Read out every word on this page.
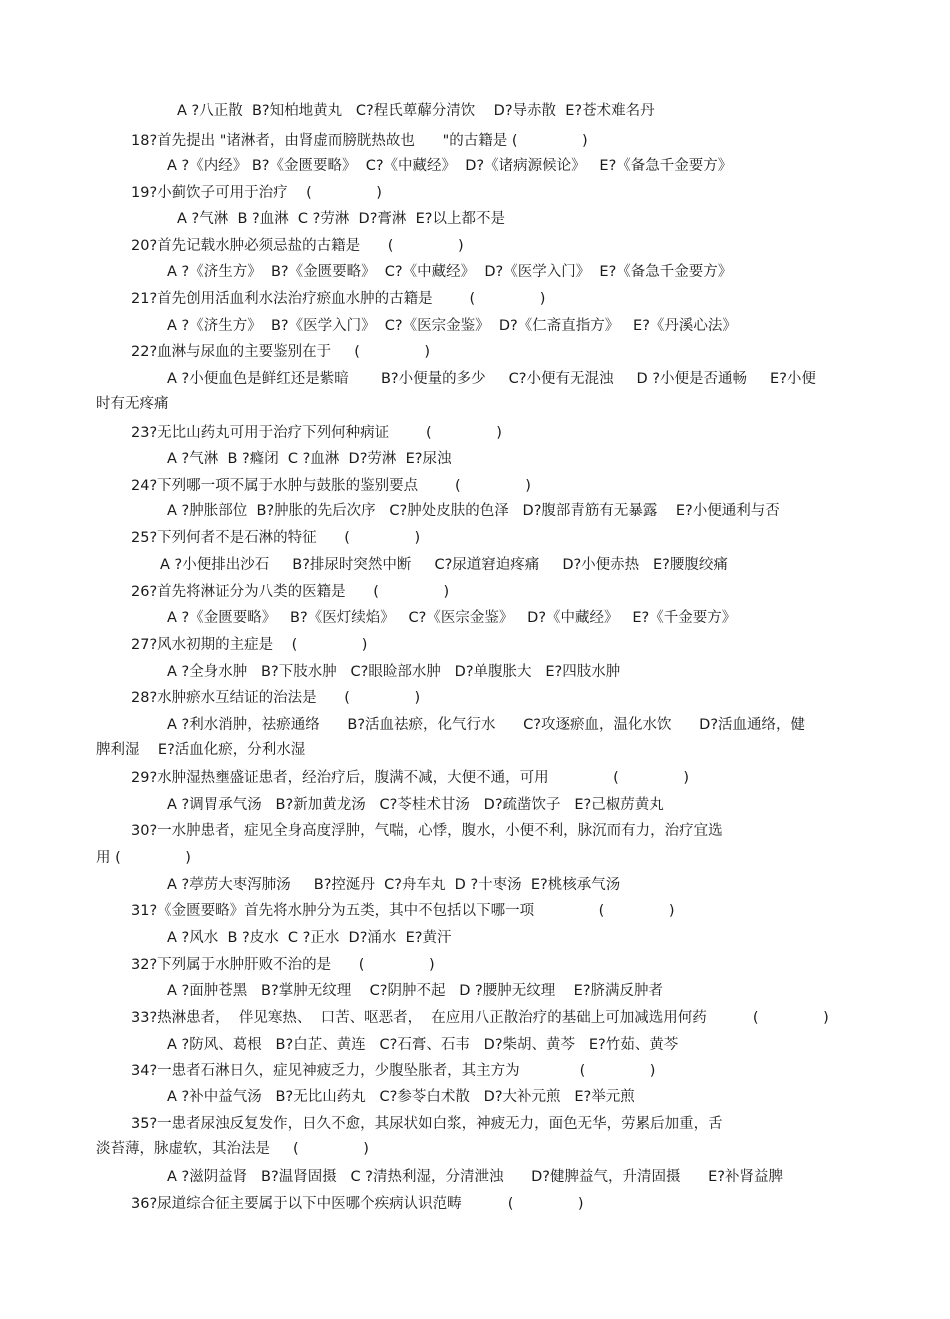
A ?八正散  B?知柏地黄丸   C?程氏萆薢分清饮    D?导赤散  E?苍术难名丹
18?首先提出 "诸淋者，由肾虚而膀胱热故也      "的古籍是 (              )
A ?《内经》 B?《金匮要略》  C?《中藏经》  D?《诸病源候论》   E?《备急千金要方》
19?小蓟饮子可用于治疗    (              )
A ?气淋  B ?血淋  C ?劳淋  D?膏淋  E?以上都不是
20?首先记载水肿必须忌盐的古籍是      (              )
A ?《济生方》  B?《金匮要略》  C?《中藏经》  D?《医学入门》  E?《备急千金要方》
21?首先创用活血利水法治疗瘀血水肿的古籍是        (              )
A ?《济生方》  B?《医学入门》  C?《医宗金鉴》  D?《仁斋直指方》   E?《丹溪心法》
22?血淋与尿血的主要鉴别在于     (              )
A ?小便血色是鲜红还是紫暗       B?小便量的多少     C?小便有无混浊     D ?小便是否通畅     E?小便
时有无疼痛
23?无比山药丸可用于治疗下列何种病证        (              )
A ?气淋  B ?癃闭  C ?血淋  D?劳淋  E?尿浊
24?下列哪一项不属于水肿与鼓胀的鉴别要点        (              )
A ?肿胀部位  B?肿胀的先后次序   C?肿处皮肤的色泽   D?腹部青筋有无暴露    E?小便通利与否
25?下列何者不是石淋的特征      (              )
A ?小便排出沙石     B?排尿时突然中断     C?尿道窘迫疼痛     D?小便赤热   E?腰腹绞痛
26?首先将淋证分为八类的医籍是      (              )
A ?《金匮要略》   B?《医灯续焰》   C?《医宗金鉴》   D?《中藏经》   E?《千金要方》
27?风水初期的主症是    (              )
A ?全身水肿   B?下肢水肿   C?眼睑部水肿   D?单腹胀大   E?四肢水肿
28?水肿瘀水互结证的治法是      (              )
A ?利水消肿，祛瘀通络      B?活血祛瘀，化气行水      C?攻逐瘀血，温化水饮      D?活血通络，健
脾利湿    E?活血化瘀，分利水湿
29?水肿湿热壅盛证患者，经治疗后，腹满不减，大便不通，可用              (              )
A ?调胃承气汤   B?新加黄龙汤   C?苓桂术甘汤   D?疏凿饮子   E?己椒苈黄丸
30?一水肿患者，症见全身高度浮肿，气喘，心悸，腹水，小便不利，脉沉而有力，治疗宜选
用 (              )
A ?葶苈大枣泻肺汤     B?控涎丹  C?舟车丸  D ?十枣汤  E?桃核承气汤
31?《金匮要略》首先将水肿分为五类，其中不包括以下哪一项              (              )
A ?风水  B ?皮水  C ?正水  D?涌水  E?黄汗
32?下列属于水肿肝败不治的是      (              )
A ?面肿苍黑   B?掌肿无纹理    C?阴肿不起   D ?腰肿无纹理    E?脐满反肿者
33?热淋患者，  伴见寒热、  口苦、呕恶者，  在应用八正散治疗的基础上可加减选用何药          (              )
A ?防风、葛根   B?白芷、黄连   C?石膏、石韦   D?柴胡、黄芩   E?竹茹、黄芩
34?一患者石淋日久，症见神疲乏力，少腹坠胀者，其主方为             (              )
A ?补中益气汤   B?无比山药丸   C?参苓白术散   D?大补元煎   E?举元煎
35?一患者尿浊反复发作，日久不愈，其尿状如白浆，神疲无力，面色无华，劳累后加重，舌
淡苔薄，脉虚软，其治法是     (              )
A ?滋阴益肾   B?温肾固摄   C ?清热利湿，分清泄浊      D?健脾益气，升清固摄      E?补肾益脾
36?尿道综合征主要属于以下中医哪个疾病认识范畴          (              )
